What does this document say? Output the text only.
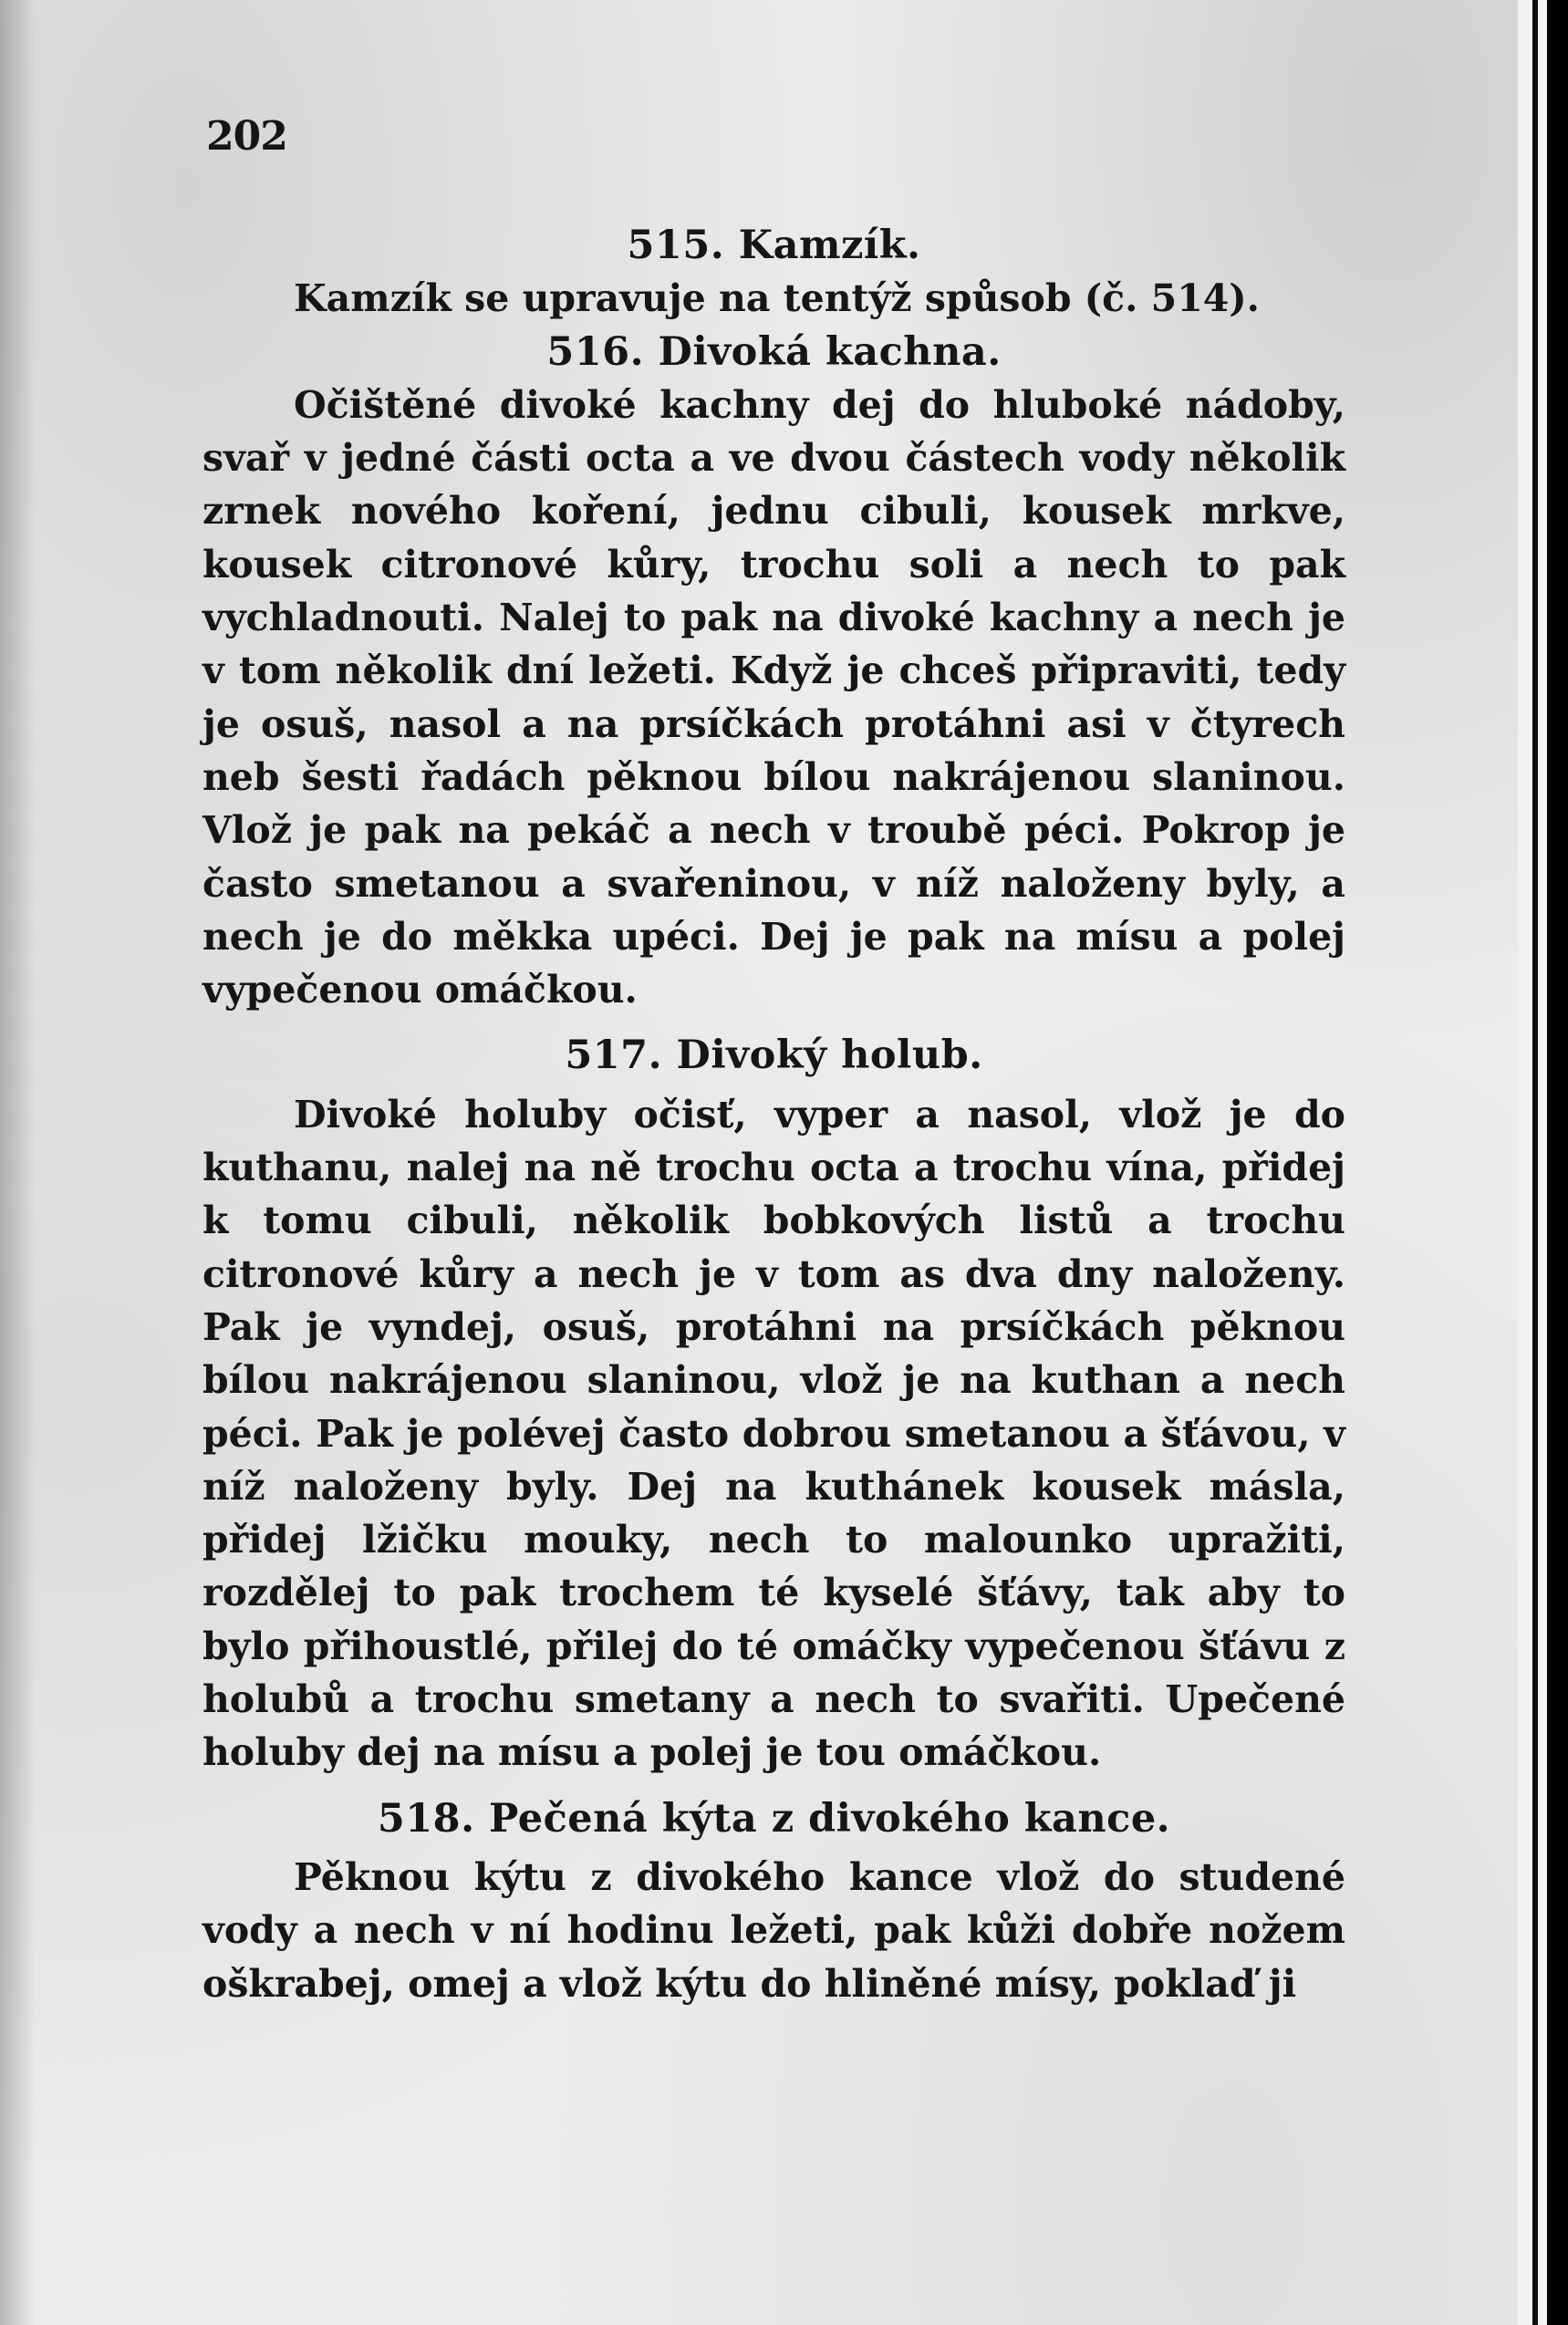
202
515. Kamzík.

Kamzík se upravuje na tentýž spůsob (č. 514).

516. Divoká kachna.

Očištěné divoké kachny dej do hluboké nádoby, svař v jedné části octa a ve dvou částech vody několik zrnek nového koření, jednu cibuli, kousek mrkve, kousek citronové kůry, trochu soli a nech to pak vychladnouti. Nalej to pak na divoké kachny a nech je v tom několik dní ležeti. Když je chceš připraviti, tedy je osuš, nasol a na prsíčkách protáhni asi v čtyrech neb šesti řadách pěknou bílou nakrájenou slaninou. Vlož je pak na pekáč a nech v troubě péci. Pokrop je často smetanou a svařeninou, v níž naloženy byly, a nech je do měkka upéci. Dej je pak na mísu a polej vypečenou omáčkou.

517. Divoký holub.

Divoké holuby očisť, vyper a nasol, vlož je do kuthanu, nalej na ně trochu octa a trochu vína, přidej k tomu cibuli, několik bobkových listů a trochu citronové kůry a nech je v tom as dva dny naloženy. Pak je vyndej, osuš, protáhni na prsíčkách pěknou bílou nakrájenou slaninou, vlož je na kuthan a nech péci. Pak je polévej často dobrou smetanou a šťávou, v níž naloženy byly. Dej na kuthánek kousek másla, přidej lžičku mouky, nech to malounko upražiti, rozdělej to pak trochem té kyselé šťávy, tak aby to bylo přihoustlé, přilej do té omáčky vypečenou šťávu z holubů a trochu smetany a nech to svařiti. Upečené holuby dej na mísu a polej je tou omáčkou.

518. Pečená kýta z divokého kance.

Pěknou kýtu z divokého kance vlož do studené vody a nech v ní hodinu ležeti, pak kůži dobře nožem oškrabej, omej a vlož kýtu do hliněné mísy, poklaď ji
